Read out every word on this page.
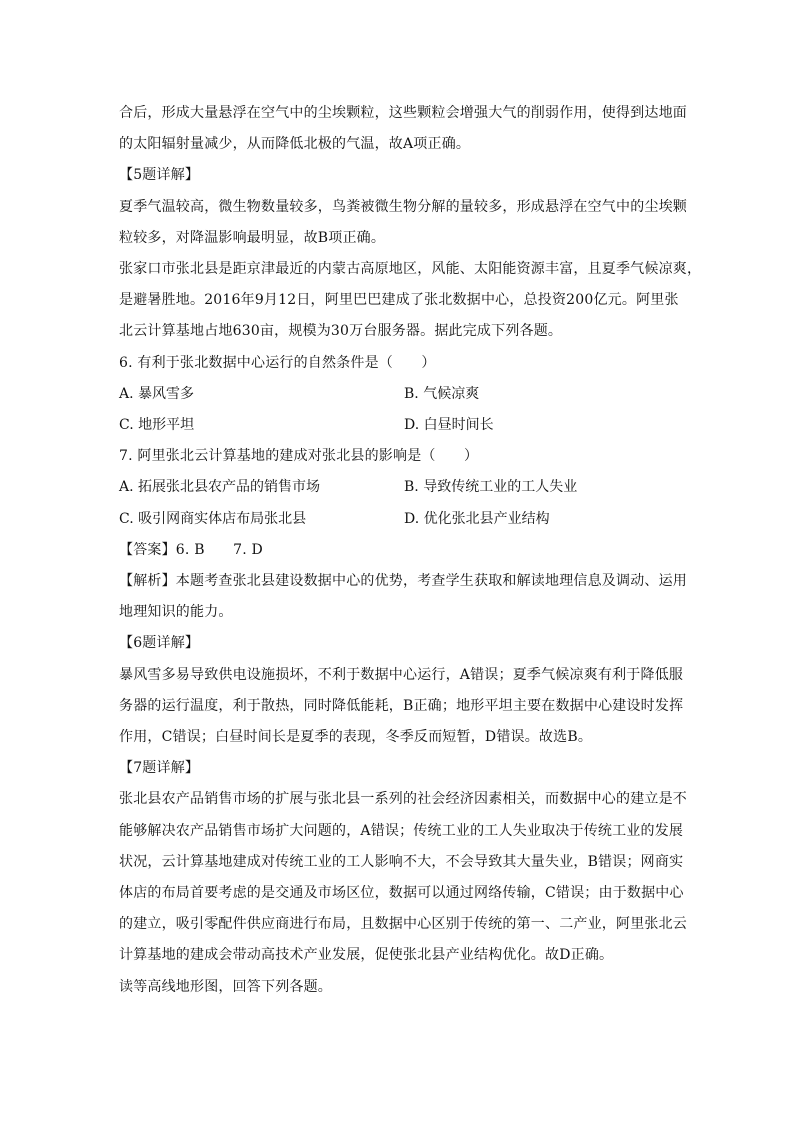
合后，形成大量悬浮在空气中的尘埃颗粒，这些颗粒会增强大气的削弱作用，使得到达地面

的太阳辐射量减少，从而降低北极的气温，故A项正确。

【5题详解】

夏季气温较高，微生物数量较多，鸟粪被微生物分解的量较多，形成悬浮在空气中的尘埃颗

粒较多，对降温影响最明显，故B项正确。

张家口市张北县是距京津最近的内蒙古高原地区，风能、太阳能资源丰富，且夏季气候凉爽，

是避暑胜地。2016年9月12日，阿里巴巴建成了张北数据中心，总投资200亿元。阿里张

北云计算基地占地630亩，规模为30万台服务器。据此完成下列各题。

6. 有利于张北数据中心运行的自然条件是（　　）

A. 暴风雪多	B. 气候凉爽

C. 地形平坦	D. 白昼时间长

7. 阿里张北云计算基地的建成对张北县的影响是（　　）

A. 拓展张北县农产品的销售市场	B. 导致传统工业的工人失业

C. 吸引网商实体店布局张北县	D. 优化张北县产业结构

【答案】6. B　　7. D

【解析】本题考查张北县建设数据中心的优势，考查学生获取和解读地理信息及调动、运用

地理知识的能力。

【6题详解】

暴风雪多易导致供电设施损坏，不利于数据中心运行，A错误；夏季气候凉爽有利于降低服

务器的运行温度，利于散热，同时降低能耗，B正确；地形平坦主要在数据中心建设时发挥

作用，C错误；白昼时间长是夏季的表现，冬季反而短暂，D错误。故选B。

【7题详解】

张北县农产品销售市场的扩展与张北县一系列的社会经济因素相关，而数据中心的建立是不

能够解决农产品销售市场扩大问题的，A错误；传统工业的工人失业取决于传统工业的发展

状况，云计算基地建成对传统工业的工人影响不大，不会导致其大量失业，B错误；网商实

体店的布局首要考虑的是交通及市场区位，数据可以通过网络传输，C错误；由于数据中心

的建立，吸引零配件供应商进行布局，且数据中心区别于传统的第一、二产业，阿里张北云

计算基地的建成会带动高技术产业发展，促使张北县产业结构优化。故D正确。

读等高线地形图，回答下列各题。
